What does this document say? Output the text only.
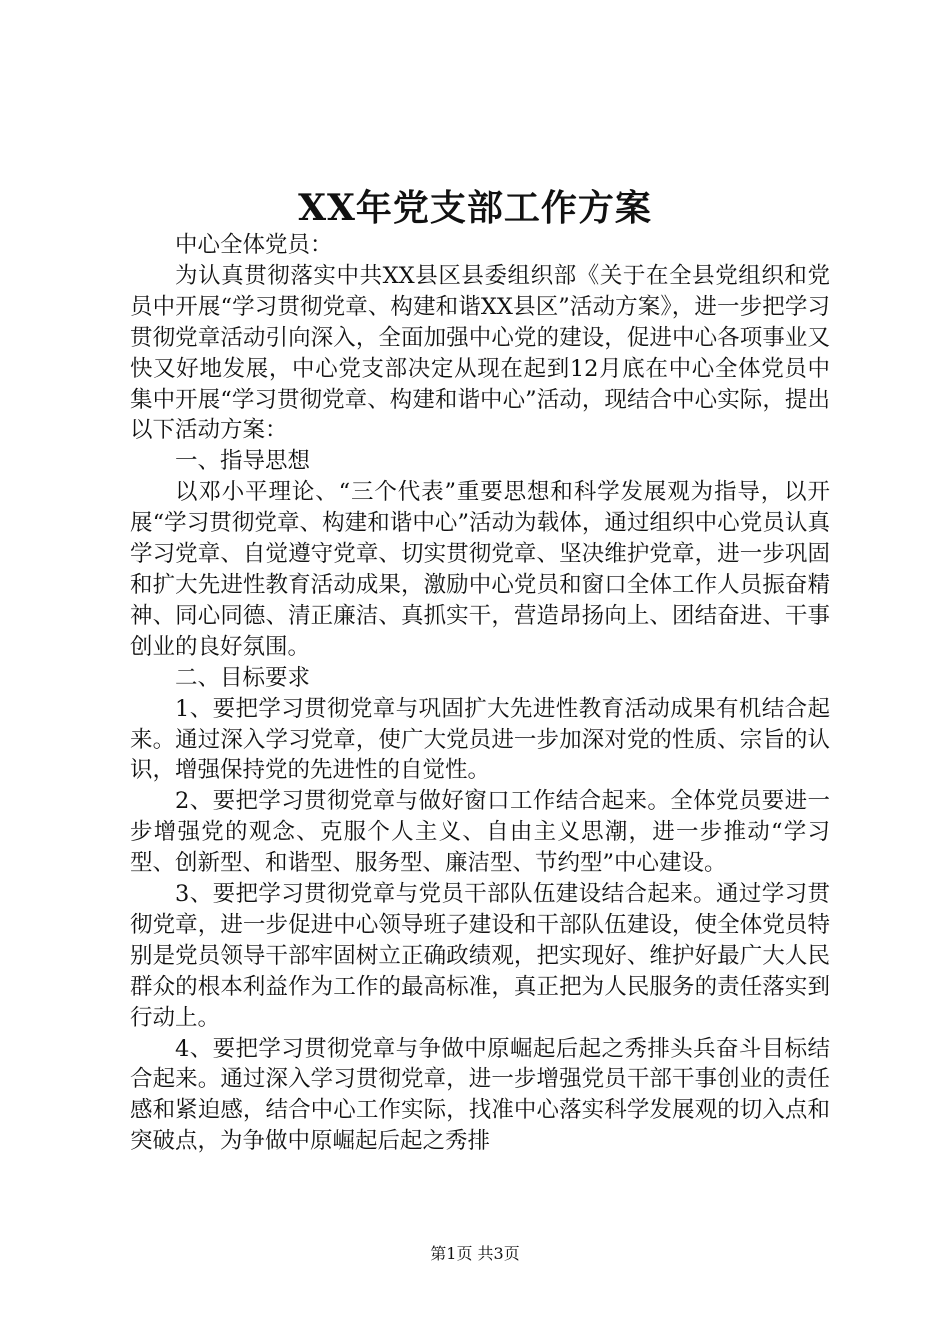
XX年党支部工作方案

中心全体党员：

为认真贯彻落实中共XX县区县委组织部《关于在全县党组织和党员中开展“学习贯彻党章、构建和谐XX县区”活动方案》，进一步把学习贯彻党章活动引向深入，全面加强中心党的建设，促进中心各项事业又快又好地发展，中心党支部决定从现在起到12月底在中心全体党员中集中开展“学习贯彻党章、构建和谐中心”活动，现结合中心实际，提出以下活动方案：

一、指导思想

以邓小平理论、“三个代表”重要思想和科学发展观为指导，以开展“学习贯彻党章、构建和谐中心”活动为载体，通过组织中心党员认真学习党章、自觉遵守党章、切实贯彻党章、坚决维护党章，进一步巩固和扩大先进性教育活动成果，激励中心党员和窗口全体工作人员振奋精神、同心同德、清正廉洁、真抓实干，营造昂扬向上、团结奋进、干事创业的良好氛围。

二、目标要求

1、要把学习贯彻党章与巩固扩大先进性教育活动成果有机结合起来。通过深入学习党章，使广大党员进一步加深对党的性质、宗旨的认识，增强保持党的先进性的自觉性。

2、要把学习贯彻党章与做好窗口工作结合起来。全体党员要进一步增强党的观念、克服个人主义、自由主义思潮，进一步推动“学习型、创新型、和谐型、服务型、廉洁型、节约型”中心建设。

3、要把学习贯彻党章与党员干部队伍建设结合起来。通过学习贯彻党章，进一步促进中心领导班子建设和干部队伍建设，使全体党员特别是党员领导干部牢固树立正确政绩观，把实现好、维护好最广大人民群众的根本利益作为工作的最高标准，真正把为人民服务的责任落实到行动上。

4、要把学习贯彻党章与争做中原崛起后起之秀排头兵奋斗目标结合起来。通过深入学习贯彻党章，进一步增强党员干部干事创业的责任感和紧迫感，结合中心工作实际，找准中心落实科学发展观的切入点和突破点，为争做中原崛起后起之秀排

第1页 共3页
